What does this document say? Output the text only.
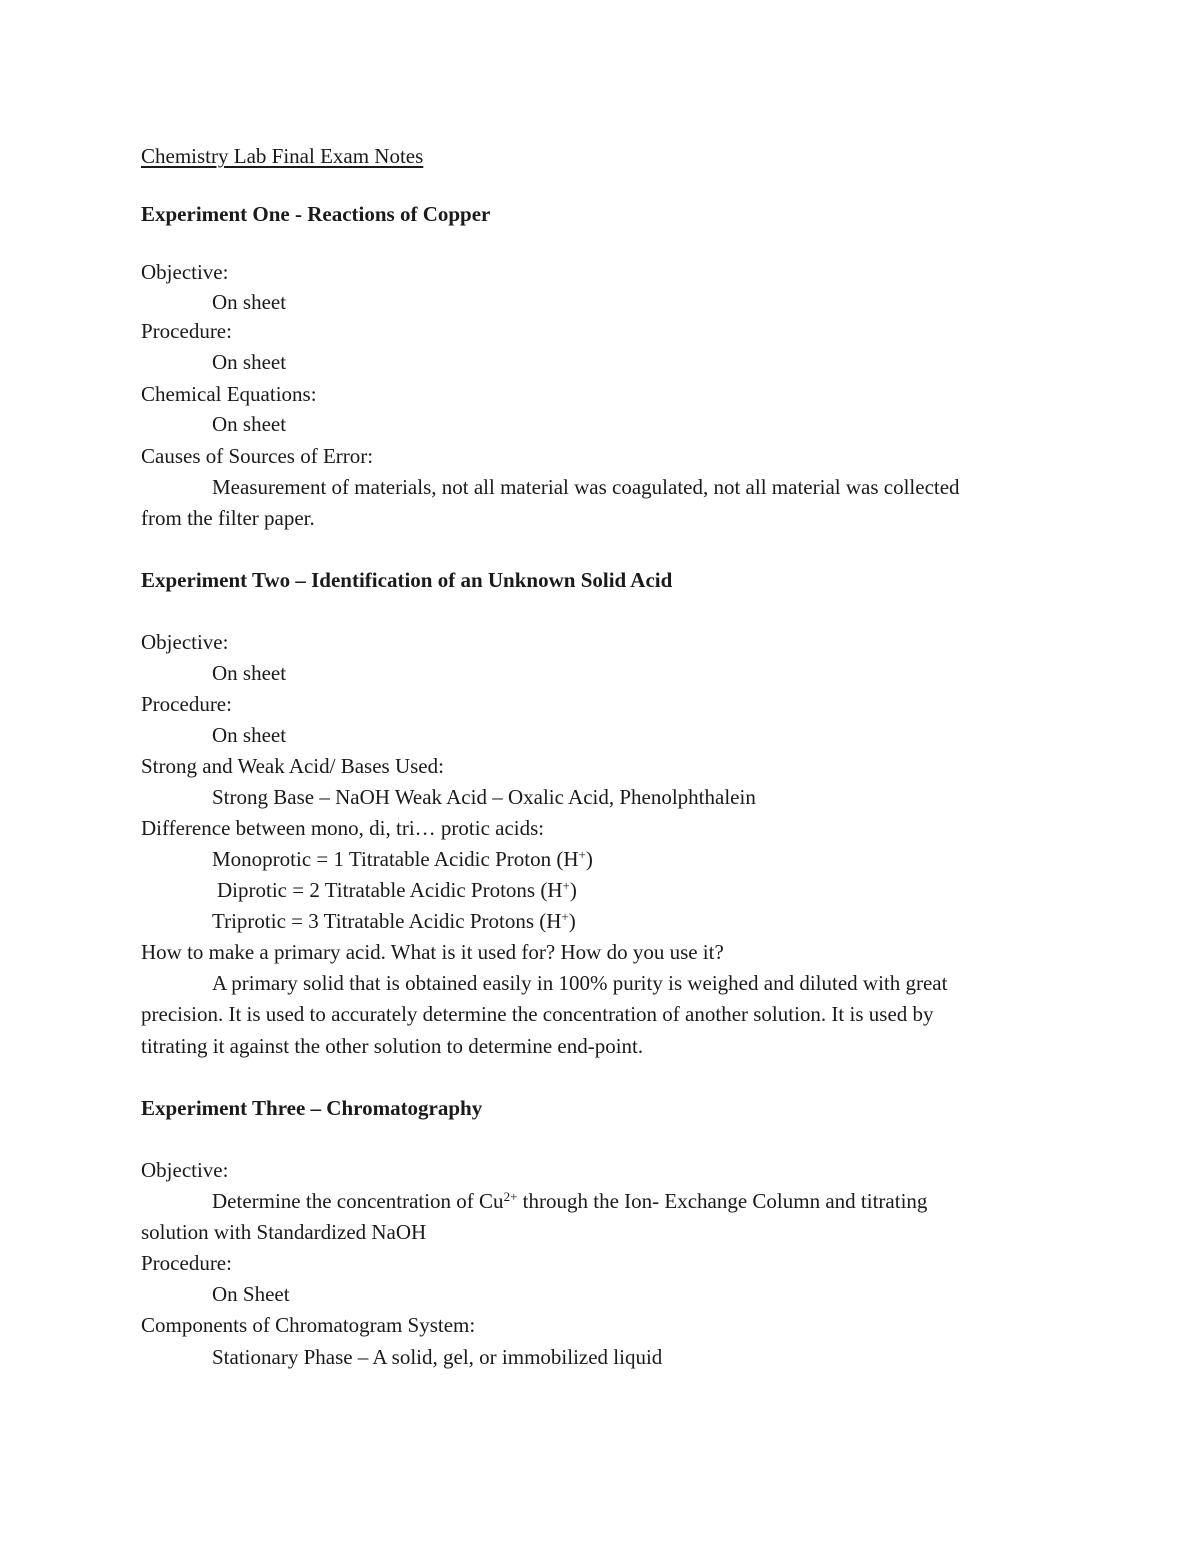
Chemistry Lab Final Exam Notes
Experiment One - Reactions of Copper
Objective:
On sheet
Procedure:
On sheet
Chemical Equations:
On sheet
Causes of Sources of Error:
Measurement of materials, not all material was coagulated, not all material was collected
from the filter paper.
Experiment Two – Identification of an Unknown Solid Acid
Objective:
On sheet
Procedure:
On sheet
Strong and Weak Acid/ Bases Used:
Strong Base – NaOH Weak Acid – Oxalic Acid, Phenolphthalein
Difference between mono, di, tri… protic acids:
Monoprotic = 1 Titratable Acidic Proton (H+)
Diprotic = 2 Titratable Acidic Protons (H+)
Triprotic = 3 Titratable Acidic Protons (H+)
How to make a primary acid. What is it used for? How do you use it?
A primary solid that is obtained easily in 100% purity is weighed and diluted with great
precision. It is used to accurately determine the concentration of another solution. It is used by
titrating it against the other solution to determine end-point.
Experiment Three – Chromatography
Objective:
Determine the concentration of $Cu^{2+}$ through the Ion- Exchange Column and titrating
solution with Standardized NaOH
Procedure:
On Sheet
Components of Chromatogram System:
Stationary Phase – A solid, gel, or immobilized liquid
